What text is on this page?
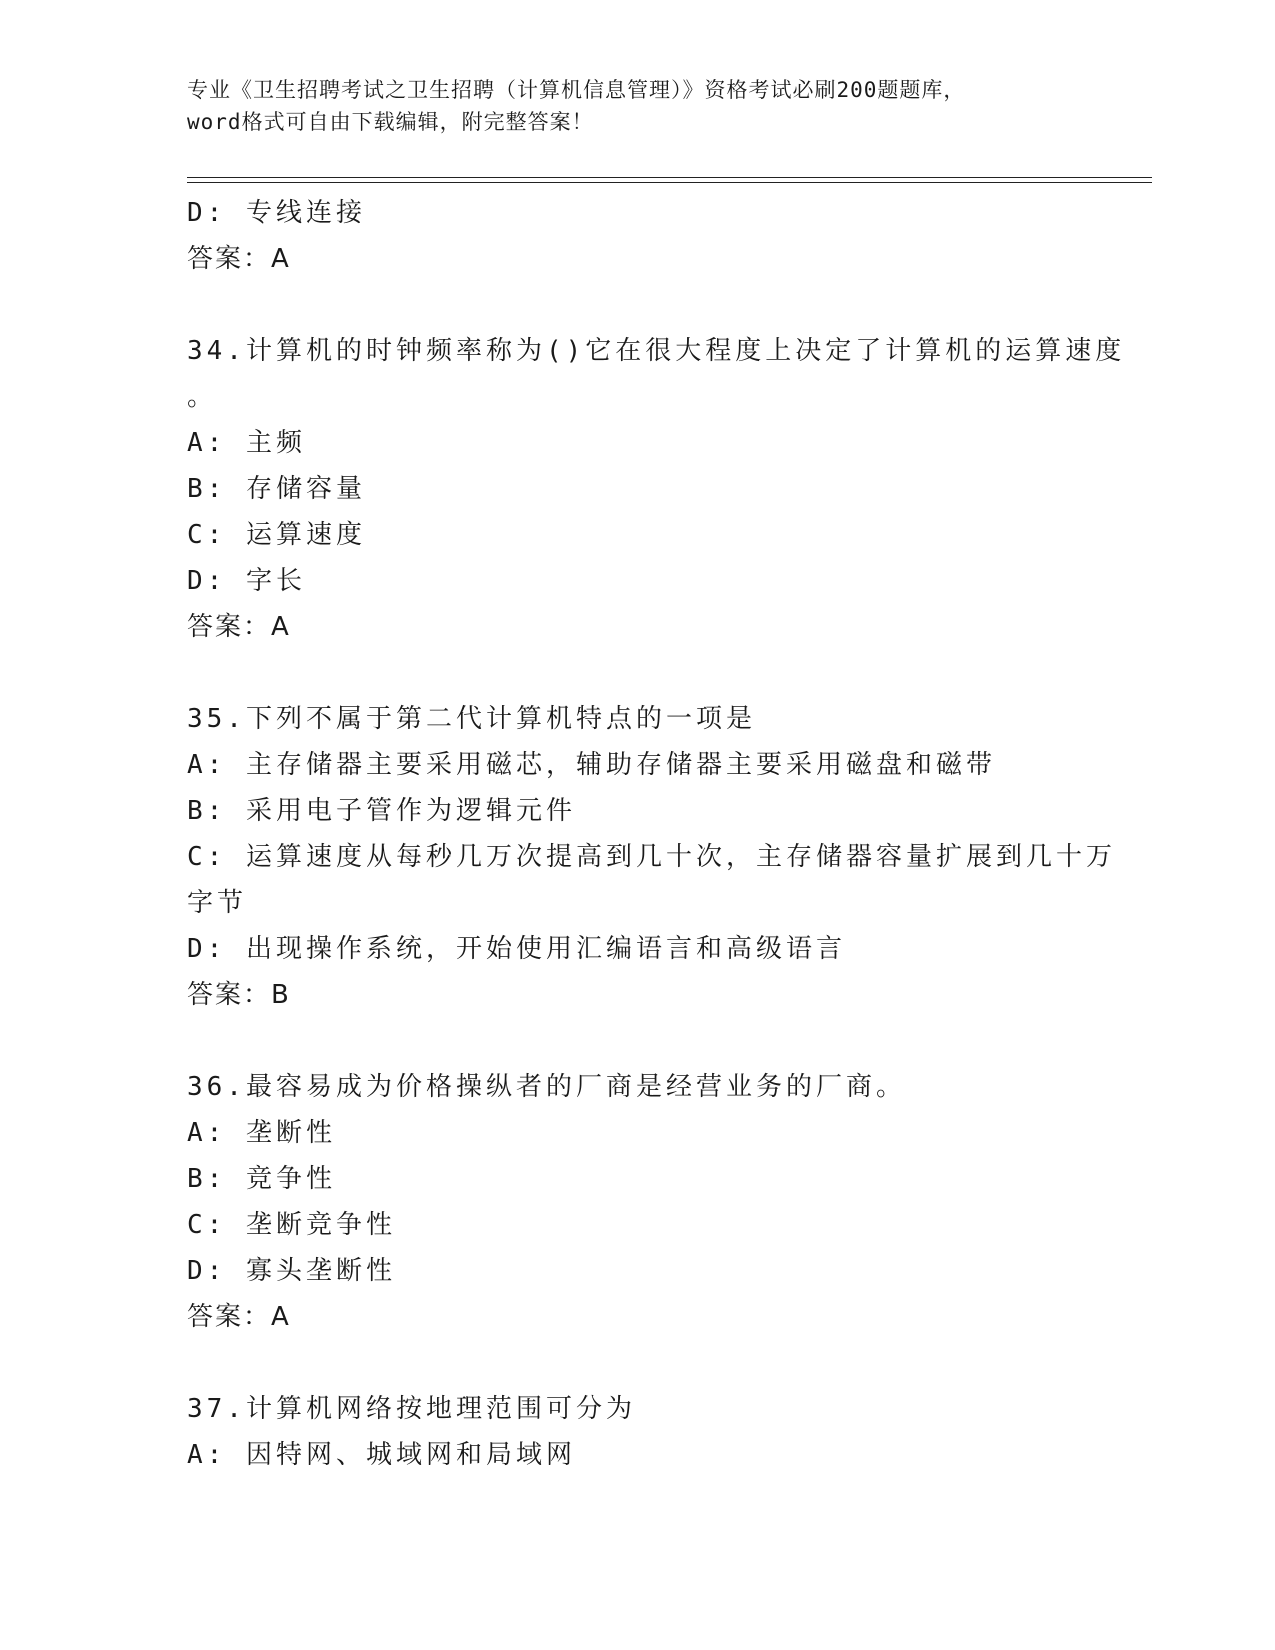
专业《卫生招聘考试之卫生招聘（计算机信息管理）》资格考试必刷200题题库，
word格式可自由下载编辑，附完整答案！
D: 专线连接
答案：A
34.计算机的时钟频率称为()它在很大程度上决定了计算机的运算速度
。
A: 主频
B: 存储容量
C: 运算速度
D: 字长
答案：A
35.下列不属于第二代计算机特点的一项是
A: 主存储器主要采用磁芯，辅助存储器主要采用磁盘和磁带
B: 采用电子管作为逻辑元件
C: 运算速度从每秒几万次提高到几十次，主存储器容量扩展到几十万
字节
D: 出现操作系统，开始使用汇编语言和高级语言
答案：B
36.最容易成为价格操纵者的厂商是经营业务的厂商。
A: 垄断性
B: 竞争性
C: 垄断竞争性
D: 寡头垄断性
答案：A
37.计算机网络按地理范围可分为
A: 因特网、城域网和局域网
